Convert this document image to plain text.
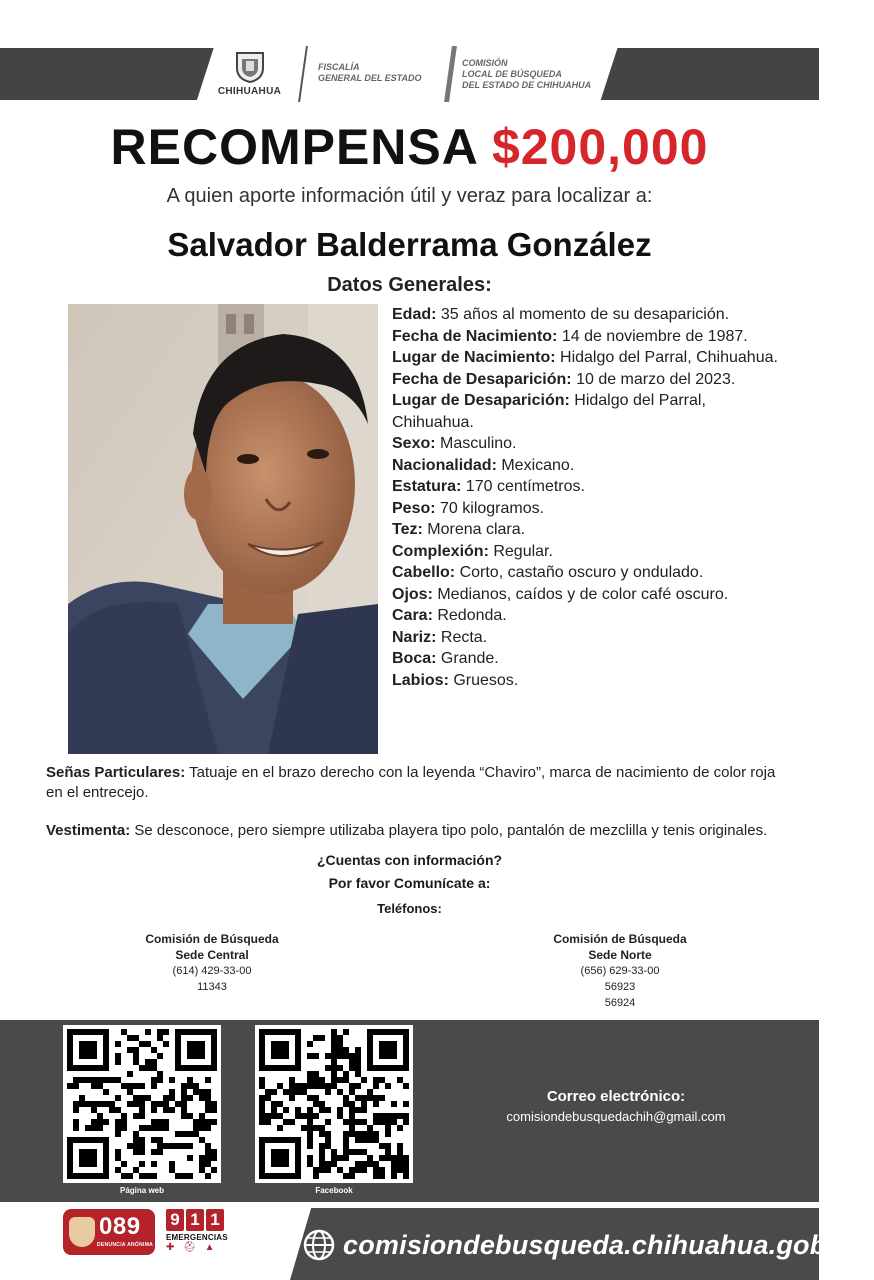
CHIHUAHUA
FISCALÍA
GENERAL DEL ESTADO
COMISIÓN
LOCAL DE BÚSQUEDA
DEL ESTADO DE CHIHUAHUA
RECOMPENSA $200,000
A quien aporte información útil y veraz para localizar a:
Salvador Balderrama González
Datos Generales:
Edad: 35 años al momento de su desaparición.
Fecha de Nacimiento: 14 de noviembre de 1987.
Lugar de Nacimiento: Hidalgo del Parral, Chihuahua.
Fecha de Desaparición: 10 de marzo del 2023.
Lugar de Desaparición: Hidalgo del Parral, Chihuahua.
Sexo: Masculino.
Nacionalidad: Mexicano.
Estatura: 170 centímetros.
Peso: 70 kilogramos.
Tez: Morena clara.
Complexión: Regular.
Cabello: Corto, castaño oscuro y ondulado.
Ojos: Medianos, caídos y de color café oscuro.
Cara: Redonda.
Nariz: Recta.
Boca: Grande.
Labios: Gruesos.
Señas Particulares: Tatuaje en el brazo derecho con la leyenda “Chaviro”, marca de nacimiento de color roja en el entrecejo.
Vestimenta: Se desconoce, pero siempre utilizaba playera tipo polo, pantalón de mezclilla y tenis originales.
¿Cuentas con información?
Por favor Comunícate a:
Teléfonos:
Comisión de Búsqueda
Sede Central
(614) 429-33-00
11343
Comisión de Búsqueda
Sede Norte
(656) 629-33-00
56923
56924
Página web	Facebook
Correo electrónico:
comisiondebusquedachih@gmail.com
089
DENUNCIA ANÓNIMA
9 1 1
EMERGENCIAS
✚ ⛑ ▲	comisiondebusqueda.chihuahua.gob.mx
